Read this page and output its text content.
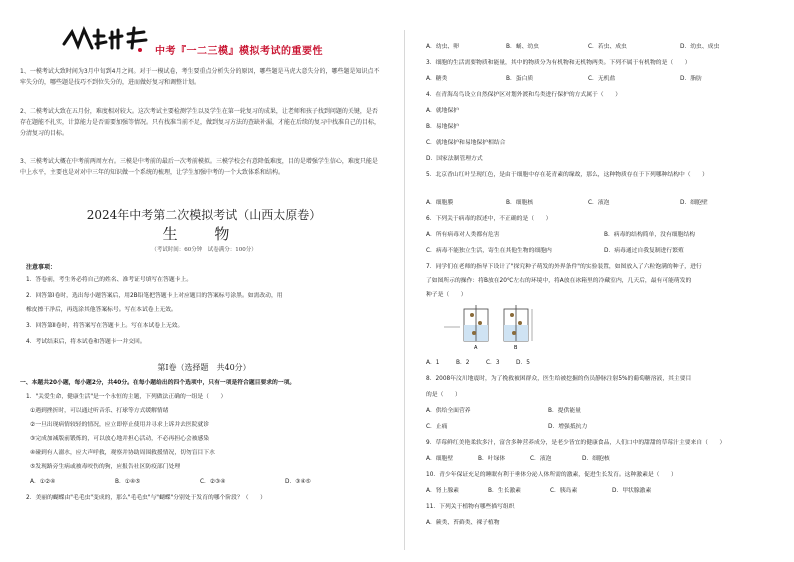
中考『一二三模』模拟考试的重要性
1、一模考试大致时间为3月中旬到4月之间。对于一模试卷，考生要重点分析失分的原因，哪些题是马虎大意失分的，哪些题是知识点不牢失分的，哪些题是技巧不到位失分的，进而做好复习和调整计划。
2、二模考试大致在五月份，难度相对较大。这次考试主要检测学生以及学生在第一轮复习的成果，让老师和孩子找到问题的关键，是否存在题能不扎实，计算能力是否需要加强等情况。只有找准当前不足，做到复习方法的查缺补漏，才能在后续的复习中找准自己的目标，分清复习的目标。
3、三模考试大概在中考前两周左右。三模是中考前的最后一次考前模拟。三模学校会有意降低难度，目的是增强学生信心，难度只能是中上水平，主要也是对对中三年的知识做一个系统的梳理，让学生加强中考的一个大致体系和结构。
2024年中考第二次模拟考试（山西太原卷）
生 物
（考试时间：60分钟　试卷满分：100分）
注意事项：
1．答卷前，考生务必将自己的姓名、准考证号填写在答题卡上。
2．回答第Ⅰ卷时，选出每小题答案后，用2B铅笔把答题卡上对应题目的答案标号涂黑。如需改动，用
橡皮擦干净后，再选涂其他答案标号。写在本试卷上无效。
3．回答第Ⅱ卷时，将答案写在答题卡上。写在本试卷上无效。
4．考试结束后，将本试卷和答题卡一并交回。
第Ⅰ卷（选择题　共40分）
一、本题共20小题，每小题2分，共40分。在每小题给出的四个选项中，只有一项是符合题目要求的一项。
1．"关爱生命，健康生活"是一个永恒的主题，下列做法正确的一组是（　　）
①遇到挫折时，可以通过听音乐、打球等方式缓解情绪
②一旦出现病情较轻的情况，应立即停止使用并寻求上诉并去医院就诊
③完成加减版前锻炼的，可以放心地并担心活动，不必再担心会被感染
④碰到有人溺水，应大声呼救，观察并协助周围救援情况，切勿盲目下水
⑤发现路旁生病或被毒咬伤的狗，应报告社区防疫部门处理
A．①②④	B．①④⑤	C．②③④	D．③④⑤
2．美丽的蝴蝶由"毛毛虫"变成的，那么"毛毛虫"与"蝴蝶"分别处于发育的哪个阶段？（　　）
A．幼虫、卵	B．蛹、幼虫	C．若虫、成虫	D．幼虫、成虫
3．细胞的生活需要物质和能量，其中的物质分为有机物和无机物两类。下列不属于有机物的是（　　）
A．糖类	B．蛋白质	C．无机盐	D．脂肪
4．在青海岛鸟设立自然保护区对划外渡和鸟类进行保护的方式属于（　　）
A．就地保护
B．易地保护
C．就地保护和易地保护相结合
D．国家法制管理方式
5．北京香山红叶呈现红色，是由于细胞中存在花青素的缘故，那么，这种物质存在于下列哪种结构中（　　）
A．细胞膜	B．细胞核	C．液泡	D．细胞壁
6．下列关于病毒的叙述中，不正确的是（　　）
A．所有病毒对人类都有危害	B．病毒的结构简单，没有细胞结构
C．病毒不能独立生活，寄生在其他生物的细胞内	D．病毒通过自我复制进行繁殖
7．同学们在老师的指导下设计了"探究种子萌发的外界条件"的实验装置，如图放入了六粒饱满的种子，进行
了如图所示的操作：将B放在20℃左右的环境中，将A放在冰箱里的冷藏室内，几天后，最有可能萌发的
种子是（　　）
A	B
A．1	B．2	C．3	D．5
8．2008年汶川地震时，为了挽救被困群众，医生给被挖掘的伤员静脉注射5%的葡萄糖溶液，其主要目
的是（　　）
A．供给全面营养	B．提供能量
C．止痛	D．增强抵抗力
9．草莓鲜红美艳柔软多汁，富含多种营养成分，是老少皆宜的健康食品，人们口中的甜甜的草莓汁主要来自（　　）
A．细胞壁	B．叶绿体	C．液泡	D．细胞核
10．青少年保证充足的睡眠有利于垂体分泌人体所需的激素，促进生长发育。这种激素是（　　）
A．肾上腺素	B．生长激素	C．胰岛素	D．甲状腺激素
11．下列关于植物有哪些描写组织
A．蕨类、苔藓类、裸子植物
